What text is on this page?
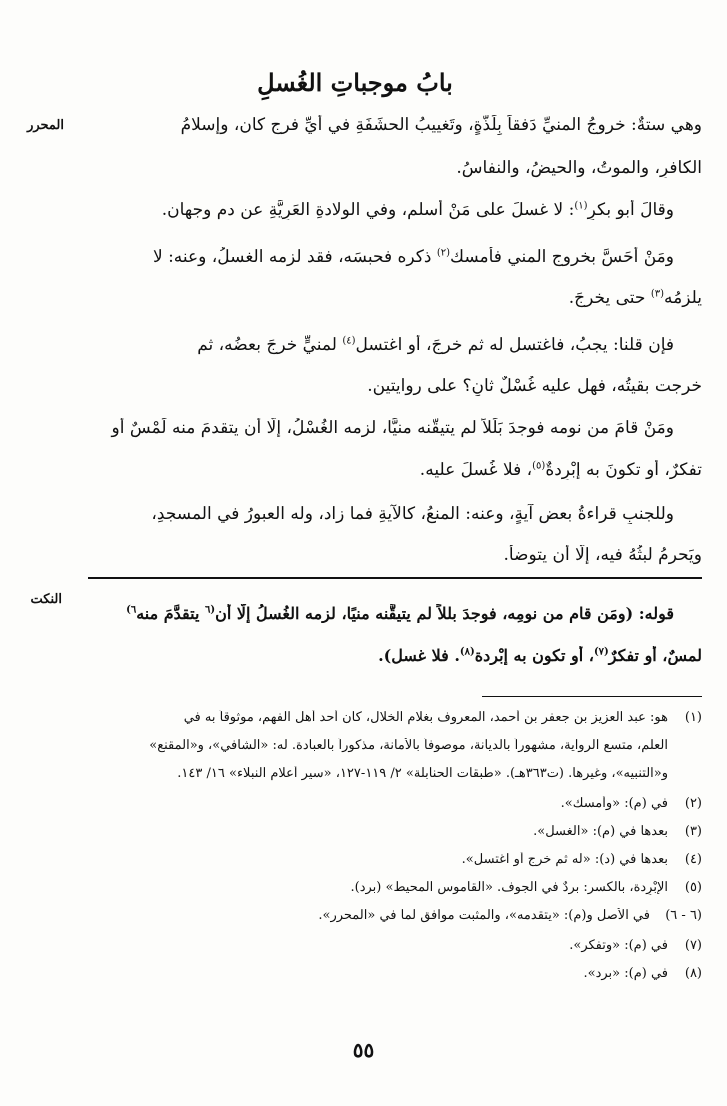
بابُ موجباتِ الغُسلِ
المحرر	وهي ستةٌ: خروجُ المنيِّ دَفقاً بِلَذَّةٍ، وتَغييبُ الحشَفَةِ في أيِّ فرجٍ كان، وإسلامُ
الكافرِ، والموتُ، والحيضُ، والنفاسُ.
وقالَ أبو بكرٍ$^{(١)}$: لا غسلَ على مَنْ أسلم، وفي الولادةِ العَرِيَّةِ عن دمٍ وجهان.
ومَنْ أَحَسَّ بخروجِ المني فأمسك$^{(٢)}$ ذكره فحبسَه، فقد لزمه الغسلُ، وعنه: لا
يلزمُه$^{(٣)}$ حتى يخرجَ.
فإن قلنا: يجبُ، فاغتسل له ثم خرجَ، أو اغتسل$^{(٤)}$ لمنيٍّ خرجَ بعضُه، ثم
خرجت بقيتُه، فهل عليه غُسْلٌ ثانٍ؟ على روايتين.
ومَنْ قامَ من نومه فوجدَ بَلَلاً لم يتيقَّنه منيًّا، لزمه الغُسْلُ، إلَّا أن يتقدمَ منه لَمْسٌ أو
تفكرٌ، أو تكونَ به إبْرِدةٌ$^{(٥)}$، فلا غُسلَ عليه.
وللجنبِ قراءةُ بعضِ آيةٍ، وعنه: المنعُ، كالآيةِ فما زاد، وله العبورُ في المسجدِ،
ويَحرمُ لبثُهُ فيه، إلَّا أن يتوضأَ.
النكت
قوله: (ومَن قام من نومِه، فوجدَ بللاً لم يتيقَّنه منيًا، لزمه الغُسلُ إلّا أن$^{(٦}$ يتقدَّمَ منه$^{٦)}$
لمسٌ، أو تفكرٌ$^{(٧)}$، أو تكون به إبْرِدة$^{(٨)}$. فلا غسل).
(١)هو: عبد العزيز بن جعفر بن أحمد، المعروف بغلام الخلال، كان أحد أهل الفهم، موثوقاً به في
العلم، متسع الرواية، مشهوراً بالديانة، موصوفاً بالأمانة، مذكوراً بالعبادة. له: «الشافي»، و«المقنع»
و«التنبيه»، وغيرها. (ت٣٦٣هـ). «طبقات الحنابلة» ٢/ ١١٩-١٢٧، «سير أعلام النبلاء» ١٦/ ١٤٣.
(٢)في (م): «وأمسك».
(٣)بعدها في (م): «الغسل».
(٤)بعدها في (د): «له ثم خرج أو اغتسل».
(٥)الإبْرِدة، بالكسر: بردٌ في الجوف. «القاموس المحيط» (برد).
(٦ - ٦)في الأصل و(م): «يتقدمه»، والمثبت موافق لما في «المحرر».
(٧)في (م): «وتفكر».
(٨)في (م): «برد».
٥٥
